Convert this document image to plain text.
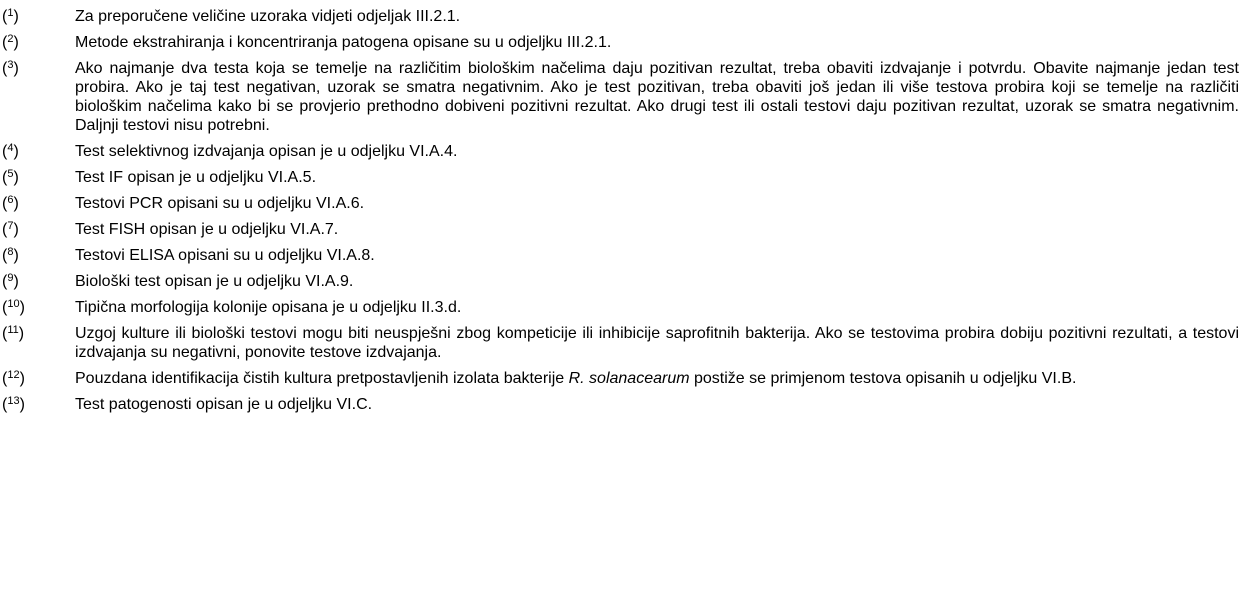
($^1$)	Za preporučene veličine uzoraka vidjeti odjeljak III.2.1.
($^2$)	Metode ekstrahiranja i koncentriranja patogena opisane su u odjeljku III.2.1.
($^3$)	Ako najmanje dva testa koja se temelje na različitim biološkim načelima daju pozitivan rezultat, treba obaviti izdvajanje i potvrdu. Obavite najmanje jedan test probira. Ako je taj test negativan, uzorak se smatra negativnim. Ako je test pozitivan, treba obaviti još jedan ili više testova probira koji se temelje na različiti biološkim načelima kako bi se provjerio prethodno dobiveni pozitivni rezultat. Ako drugi test ili ostali testovi daju pozitivan rezultat, uzorak se smatra negativnim. Daljnji testovi nisu potrebni.
($^4$)	Test selektivnog izdvajanja opisan je u odjeljku VI.A.4.
($^5$)	Test IF opisan je u odjeljku VI.A.5.
($^6$)	Testovi PCR opisani su u odjeljku VI.A.6.
($^7$)	Test FISH opisan je u odjeljku VI.A.7.
($^8$)	Testovi ELISA opisani su u odjeljku VI.A.8.
($^9$)	Biološki test opisan je u odjeljku VI.A.9.
($^{10}$)	Tipična morfologija kolonije opisana je u odjeljku II.3.d.
($^{11}$)	Uzgoj kulture ili biološki testovi mogu biti neuspješni zbog kompeticije ili inhibicije saprofitnih bakterija. Ako se testovima probira dobiju pozitivni rezultati, a testovi izdvajanja su negativni, ponovite testove izdvajanja.
($^{12}$)	Pouzdana identifikacija čistih kultura pretpostavljenih izolata bakterije R. solanacearum postiže se primjenom testova opisanih u odjeljku VI.B.
($^{13}$)	Test patogenosti opisan je u odjeljku VI.C.
